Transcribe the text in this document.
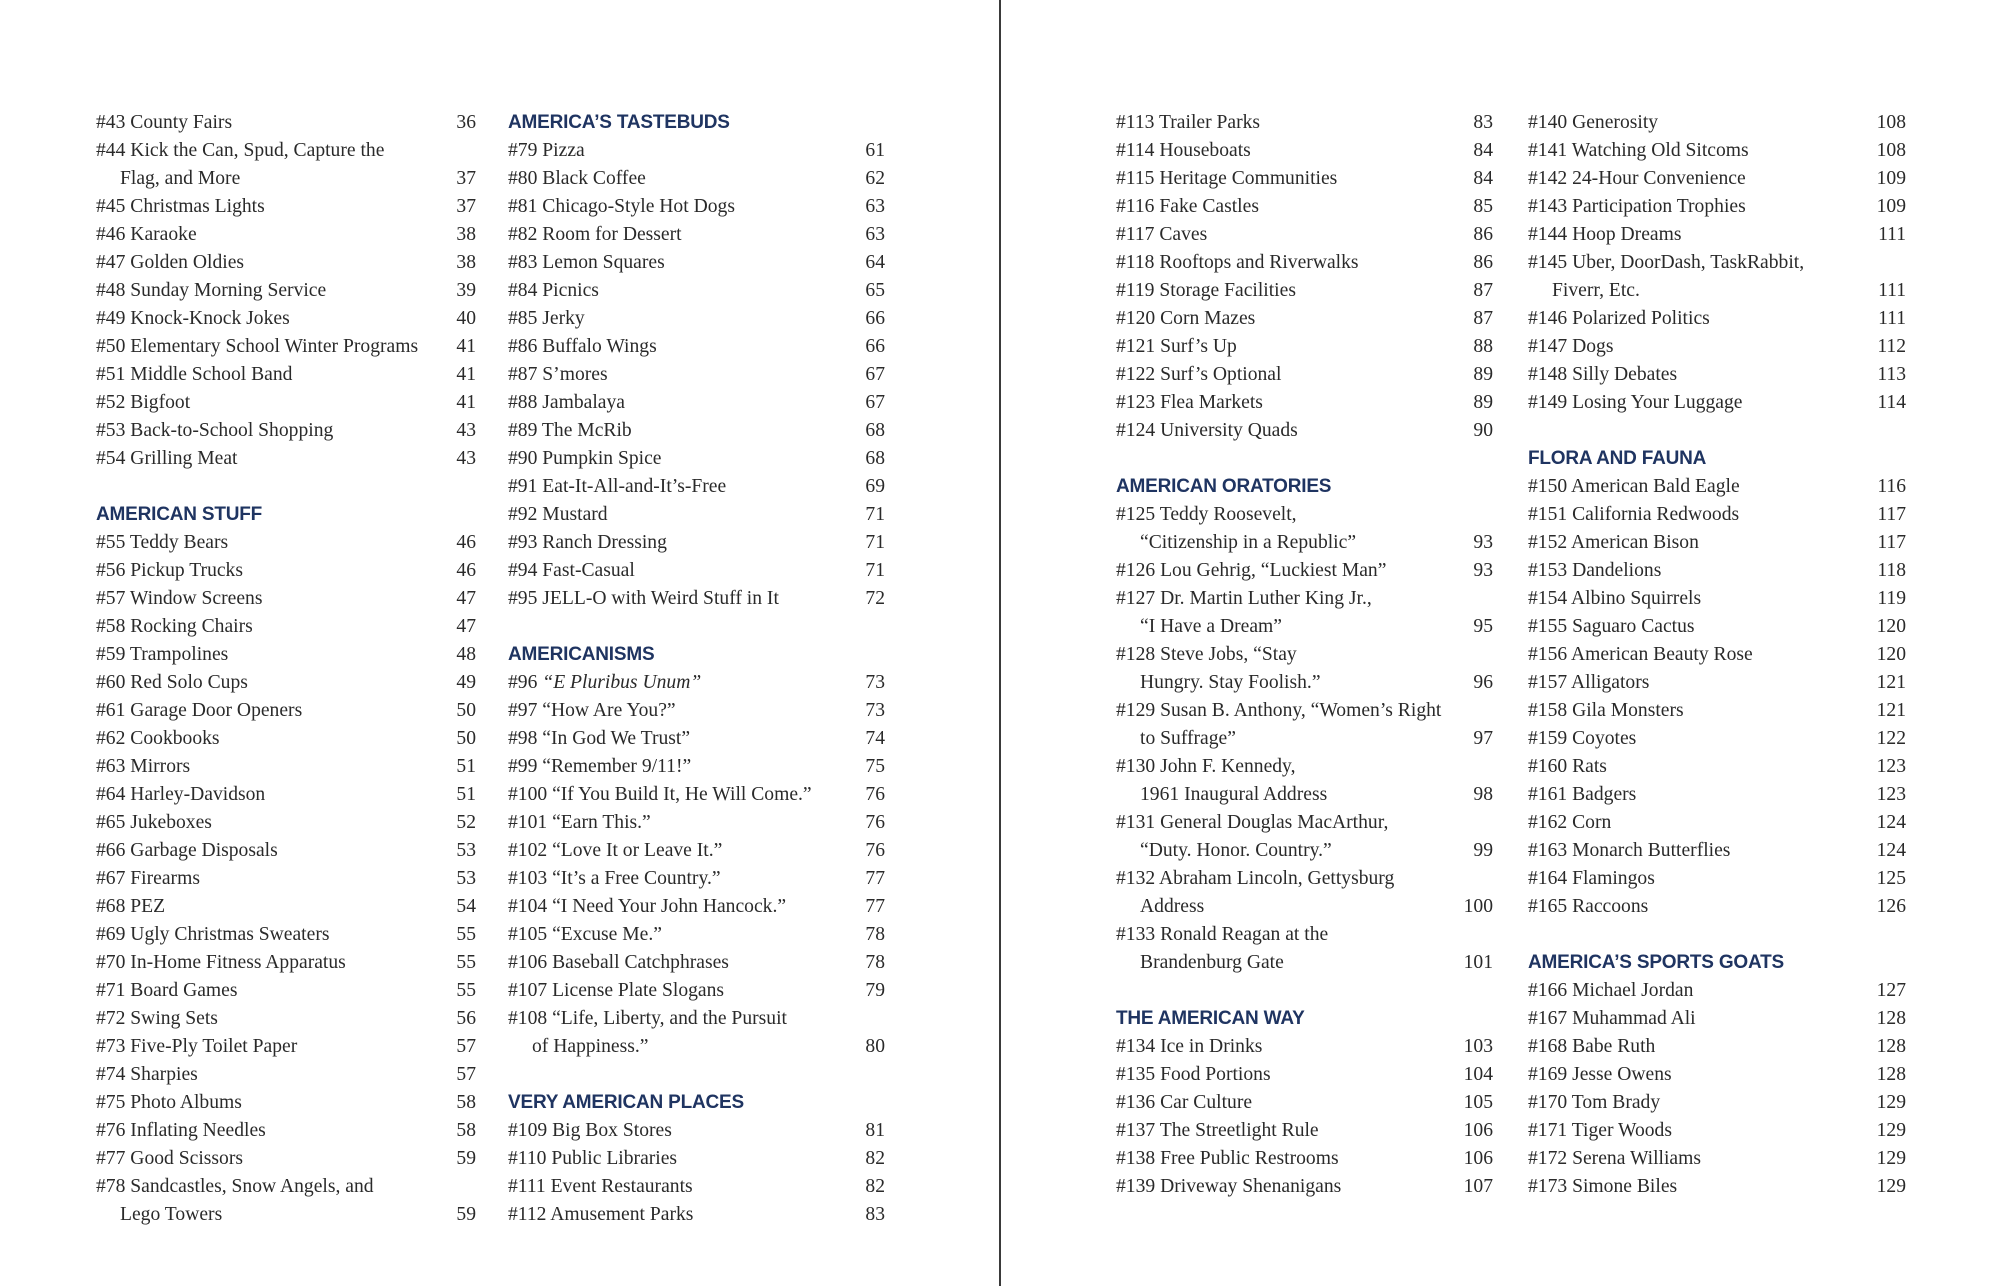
#43 County Fairs	36
#44 Kick the Can, Spud, Capture the
Flag, and More	37
#45 Christmas Lights	37
#46 Karaoke	38
#47 Golden Oldies	38
#48 Sunday Morning Service	39
#49 Knock-Knock Jokes	40
#50 Elementary School Winter Programs 41
#51 Middle School Band	41
#52 Bigfoot	41
#53 Back-to-School Shopping	43
#54 Grilling Meat	43
AMERICAN STUFF
#55 Teddy Bears	46
#56 Pickup Trucks	46
#57 Window Screens	47
#58 Rocking Chairs	47
#59 Trampolines	48
#60 Red Solo Cups	49
#61 Garage Door Openers	50
#62 Cookbooks	50
#63 Mirrors	51
#64 Harley-Davidson	51
#65 Jukeboxes	52
#66 Garbage Disposals	53
#67 Firearms	53
#68 PEZ	54
#69 Ugly Christmas Sweaters	55
#70 In-Home Fitness Apparatus	55
#71 Board Games	55
#72 Swing Sets	56
#73 Five-Ply Toilet Paper	57
#74 Sharpies	57
#75 Photo Albums	58
#76 Inflating Needles	58
#77 Good Scissors	59
#78 Sandcastles, Snow Angels, and
Lego Towers	59
AMERICA’S TASTEBUDS
#79 Pizza	61
#80 Black Coffee	62
#81 Chicago-Style Hot Dogs	63
#82 Room for Dessert	63
#83 Lemon Squares	64
#84 Picnics	65
#85 Jerky	66
#86 Buffalo Wings	66
#87 S’mores	67
#88 Jambalaya	67
#89 The McRib	68
#90 Pumpkin Spice	68
#91 Eat-It-All-and-It’s-Free	69
#92 Mustard	71
#93 Ranch Dressing	71
#94 Fast-Casual	71
#95 JELL-O with Weird Stuff in It	72
AMERICANISMS
#96 “E Pluribus Unum”	73
#97 “How Are You?”	73
#98 “In God We Trust”	74
#99 “Remember 9/11!”	75
#100 “If You Build It, He Will Come.”	76
#101 “Earn This.”	76
#102 “Love It or Leave It.”	76
#103 “It’s a Free Country.”	77
#104 “I Need Your John Hancock.”	77
#105 “Excuse Me.”	78
#106 Baseball Catchphrases	78
#107 License Plate Slogans	79
#108 “Life, Liberty, and the Pursuit
of Happiness.”	80
VERY AMERICAN PLACES
#109 Big Box Stores	81
#110 Public Libraries	82
#111 Event Restaurants	82
#112 Amusement Parks	83
#113 Trailer Parks	83
#114 Houseboats	84
#115 Heritage Communities	84
#116 Fake Castles	85
#117 Caves	86
#118 Rooftops and Riverwalks	86
#119 Storage Facilities	87
#120 Corn Mazes	87
#121 Surf’s Up	88
#122 Surf’s Optional	89
#123 Flea Markets	89
#124 University Quads	90
AMERICAN ORATORIES
#125 Teddy Roosevelt,
“Citizenship in a Republic”	93
#126 Lou Gehrig, “Luckiest Man”	93
#127 Dr. Martin Luther King Jr.,
“I Have a Dream”	95
#128 Steve Jobs, “Stay
Hungry. Stay Foolish.”	96
#129 Susan B. Anthony, “Women’s Right
to Suffrage”	97
#130 John F. Kennedy,
1961 Inaugural Address	98
#131 General Douglas MacArthur,
“Duty. Honor. Country.”	99
#132 Abraham Lincoln, Gettysburg
Address	100
#133 Ronald Reagan at the
Brandenburg Gate	101
THE AMERICAN WAY
#134 Ice in Drinks	103
#135 Food Portions	104
#136 Car Culture	105
#137 The Streetlight Rule	106
#138 Free Public Restrooms	106
#139 Driveway Shenanigans	107
#140 Generosity	108
#141 Watching Old Sitcoms	108
#142 24-Hour Convenience	109
#143 Participation Trophies	109
#144 Hoop Dreams	111
#145 Uber, DoorDash, TaskRabbit,
Fiverr, Etc.	111
#146 Polarized Politics	111
#147 Dogs	112
#148 Silly Debates	113
#149 Losing Your Luggage	114
FLORA AND FAUNA
#150 American Bald Eagle	116
#151 California Redwoods	117
#152 American Bison	117
#153 Dandelions	118
#154 Albino Squirrels	119
#155 Saguaro Cactus	120
#156 American Beauty Rose	120
#157 Alligators	121
#158 Gila Monsters	121
#159 Coyotes	122
#160 Rats	123
#161 Badgers	123
#162 Corn	124
#163 Monarch Butterflies	124
#164 Flamingos	125
#165 Raccoons	126
AMERICA’S SPORTS GOATS
#166 Michael Jordan	127
#167 Muhammad Ali	128
#168 Babe Ruth	128
#169 Jesse Owens	128
#170 Tom Brady	129
#171 Tiger Woods	129
#172 Serena Williams	129
#173 Simone Biles	129
